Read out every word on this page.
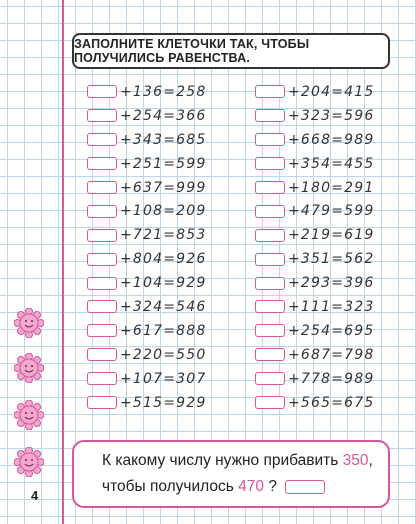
ЗАПОЛНИТЕ КЛЕТОЧКИ ТАК, ЧТОБЫ ПОЛУЧИЛИСЬ РАВЕНСТВА.
+136=258
+254=366
+343=685
+251=599
+637=999
+108=209
+721=853
+804=926
+104=929
+324=546
+617=888
+220=550
+107=307
+515=929
+204=415
+323=596
+668=989
+354=455
+180=291
+479=599
+219=619
+351=562
+293=396
+111=323
+254=695
+687=798
+778=989
+565=675
К какому числу нужно прибавить
350 ,
чтобы получилось
470
?
4
